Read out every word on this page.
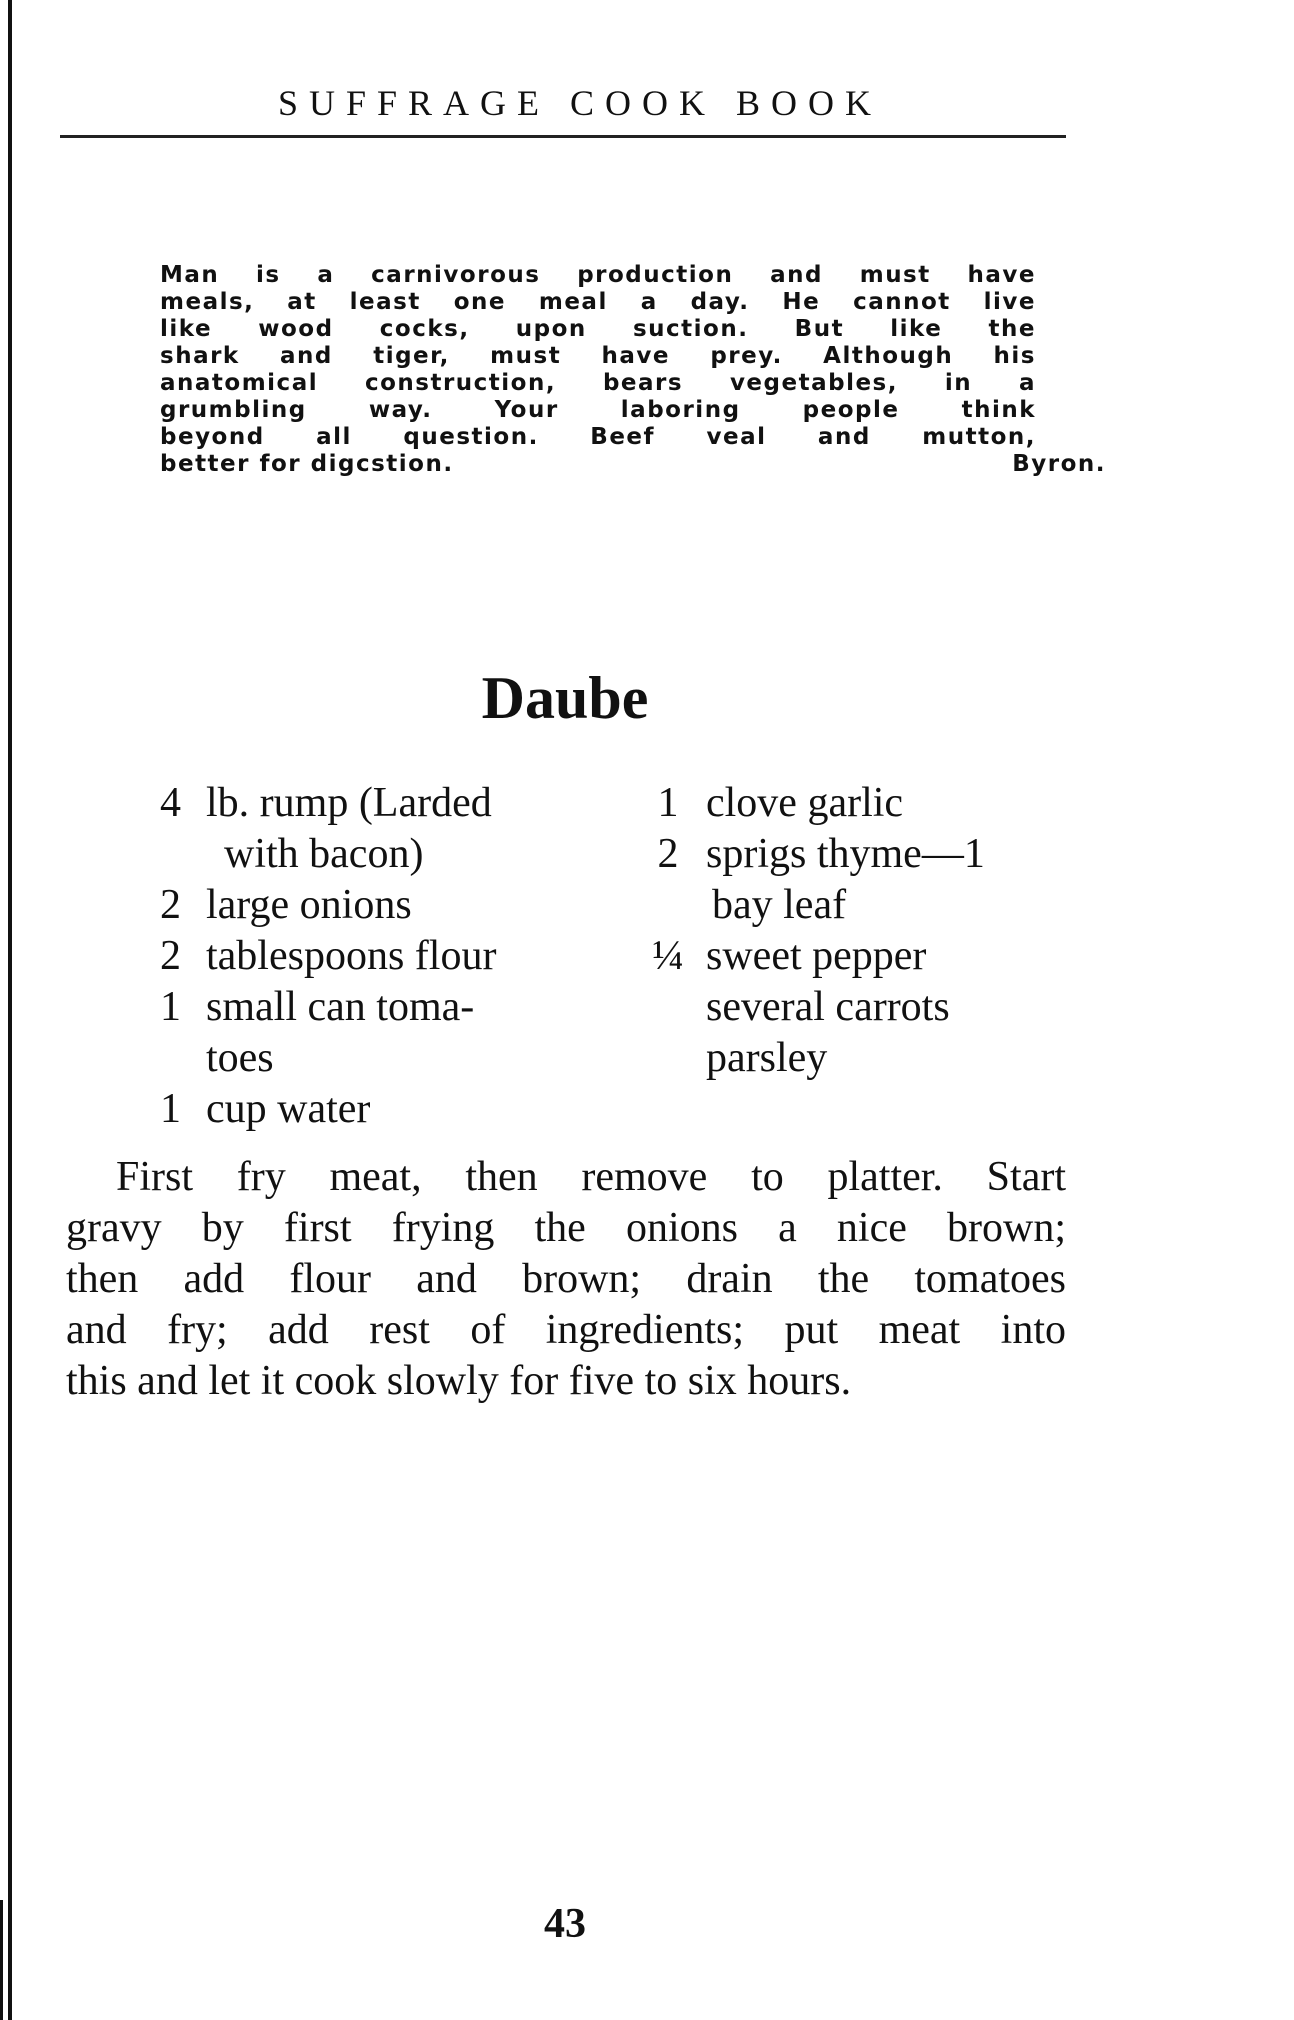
SUFFRAGE COOK BOOK
Man is a carnivorous production and must have
meals, at least one meal a day. He cannot live
like wood cocks, upon suction. But like the
shark and tiger, must have prey. Although his
anatomical construction, bears vegetables, in a
grumbling way. Your laboring people think
beyond all question. Beef veal and mutton,
better for digcstion.	Byron.
Daube
4 lb. rump (Larded
with bacon)
2 large onions
2 tablespoons flour
1 small can toma-
toes
1 cup water
1 clove garlic
2 sprigs thyme—1
bay leaf
¼ sweet pepper
several carrots
parsley
First fry meat, then remove to platter. Start
gravy by first frying the onions a nice brown;
then add flour and brown; drain the tomatoes
and fry; add rest of ingredients; put meat into
this and let it cook slowly for five to six hours.
43
